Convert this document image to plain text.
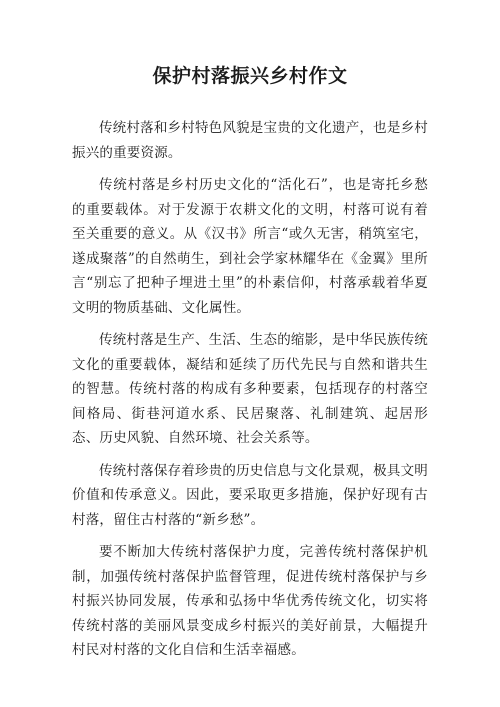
保护村落振兴乡村作文

传统村落和乡村特色风貌是宝贵的文化遗产，也是乡村振兴的重要资源。

传统村落是乡村历史文化的“活化石”，也是寄托乡愁的重要载体。对于发源于农耕文化的文明，村落可说有着至关重要的意义。从《汉书》所言“或久无害，稍筑室宅，遂成聚落”的自然萌生，到社会学家林耀华在《金翼》里所言“别忘了把种子埋进土里”的朴素信仰，村落承载着华夏文明的物质基础、文化属性。

传统村落是生产、生活、生态的缩影，是中华民族传统文化的重要载体，凝结和延续了历代先民与自然和谐共生的智慧。传统村落的构成有多种要素，包括现存的村落空间格局、街巷河道水系、民居聚落、礼制建筑、起居形态、历史风貌、自然环境、社会关系等。

传统村落保存着珍贵的历史信息与文化景观，极具文明价值和传承意义。因此，要采取更多措施，保护好现有古村落，留住古村落的“新乡愁”。

要不断加大传统村落保护力度，完善传统村落保护机制，加强传统村落保护监督管理，促进传统村落保护与乡村振兴协同发展，传承和弘扬中华优秀传统文化，切实将传统村落的美丽风景变成乡村振兴的美好前景，大幅提升村民对村落的文化自信和生活幸福感。
